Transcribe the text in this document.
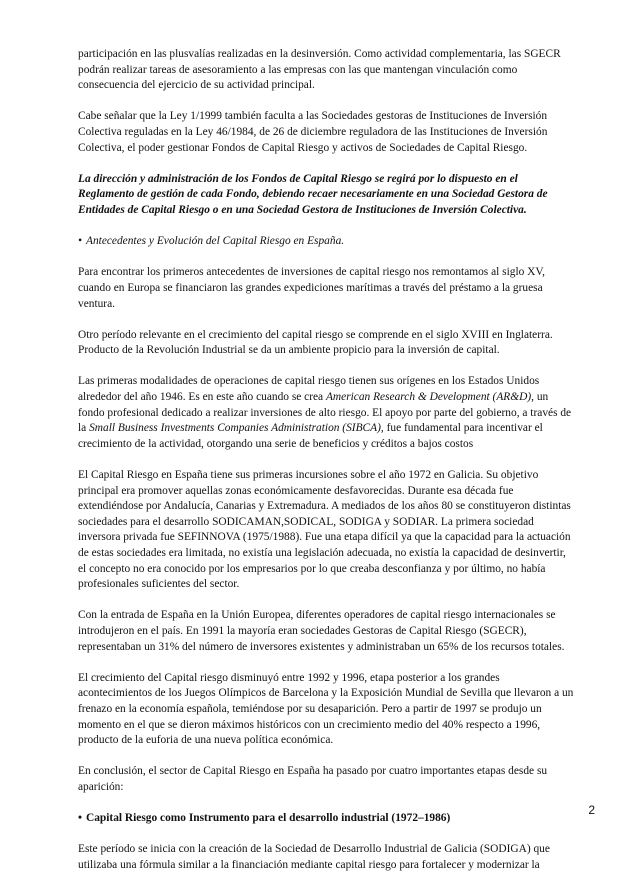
participación en las plusvalías realizadas en la desinversión. Como actividad complementaria, las SGECR podrán realizar tareas de asesoramiento a las empresas con las que mantengan vinculación como consecuencia del ejercicio de su actividad principal.

Cabe señalar que la Ley 1/1999 también faculta a las Sociedades gestoras de Instituciones de Inversión Colectiva reguladas en la Ley 46/1984, de 26 de diciembre reguladora de las Instituciones de Inversión Colectiva, el poder gestionar Fondos de Capital Riesgo y activos de Sociedades de Capital Riesgo.

La dirección y administración de los Fondos de Capital Riesgo se regirá por lo dispuesto en el Reglamento de gestión de cada Fondo, debiendo recaer necesariamente en una Sociedad Gestora de Entidades de Capital Riesgo o en una Sociedad Gestora de Instituciones de Inversión Colectiva.

• Antecedentes y Evolución del Capital Riesgo en España.

Para encontrar los primeros antecedentes de inversiones de capital riesgo nos remontamos al siglo XV, cuando en Europa se financiaron las grandes expediciones marítimas a través del préstamo a la gruesa ventura.

Otro período relevante en el crecimiento del capital riesgo se comprende en el siglo XVIII en Inglaterra. Producto de la Revolución Industrial se da un ambiente propicio para la inversión de capital.

Las primeras modalidades de operaciones de capital riesgo tienen sus orígenes en los Estados Unidos alrededor del año 1946. Es en este año cuando se crea American Research & Development (AR&D), un fondo profesional dedicado a realizar inversiones de alto riesgo. El apoyo por parte del gobierno, a través de la Small Business Investments Companies Administration (SIBCA), fue fundamental para incentivar el crecimiento de la actividad, otorgando una serie de beneficios y créditos a bajos costos

El Capital Riesgo en España tiene sus primeras incursiones sobre el año 1972 en Galicia. Su objetivo principal era promover aquellas zonas económicamente desfavorecidas. Durante esa década fue extendiéndose por Andalucía, Canarias y Extremadura. A mediados de los años 80 se constituyeron distintas sociedades para el desarrollo SODICAMAN,SODICAL, SODIGA y SODIAR. La primera sociedad inversora privada fue SEFINNOVA (1975/1988). Fue una etapa difícil ya que la capacidad para la actuación de estas sociedades era limitada, no existía una legislación adecuada, no existía la capacidad de desinvertir, el concepto no era conocido por los empresarios por lo que creaba desconfianza y por último, no había profesionales suficientes del sector.

Con la entrada de España en la Unión Europea, diferentes operadores de capital riesgo internacionales se introdujeron en el país. En 1991 la mayoría eran sociedades Gestoras de Capital Riesgo (SGECR), representaban un 31% del número de inversores existentes y administraban un 65% de los recursos totales.

El crecimiento del Capital riesgo disminuyó entre 1992 y 1996, etapa posterior a los grandes acontecimientos de los Juegos Olímpicos de Barcelona y la Exposición Mundial de Sevilla que llevaron a un frenazo en la economía española, temiéndose por su desaparición. Pero a partir de 1997 se produjo un momento en el que se dieron máximos históricos con un crecimiento medio del 40% respecto a 1996, producto de la euforia de una nueva política económica.

En conclusión, el sector de Capital Riesgo en España ha pasado por cuatro importantes etapas desde su aparición:

• Capital Riesgo como Instrumento para el desarrollo industrial (1972–1986)

Este período se inicia con la creación de la Sociedad de Desarrollo Industrial de Galicia (SODIGA) que utilizaba una fórmula similar a la financiación mediante capital riesgo para fortalecer y modernizar la

2
